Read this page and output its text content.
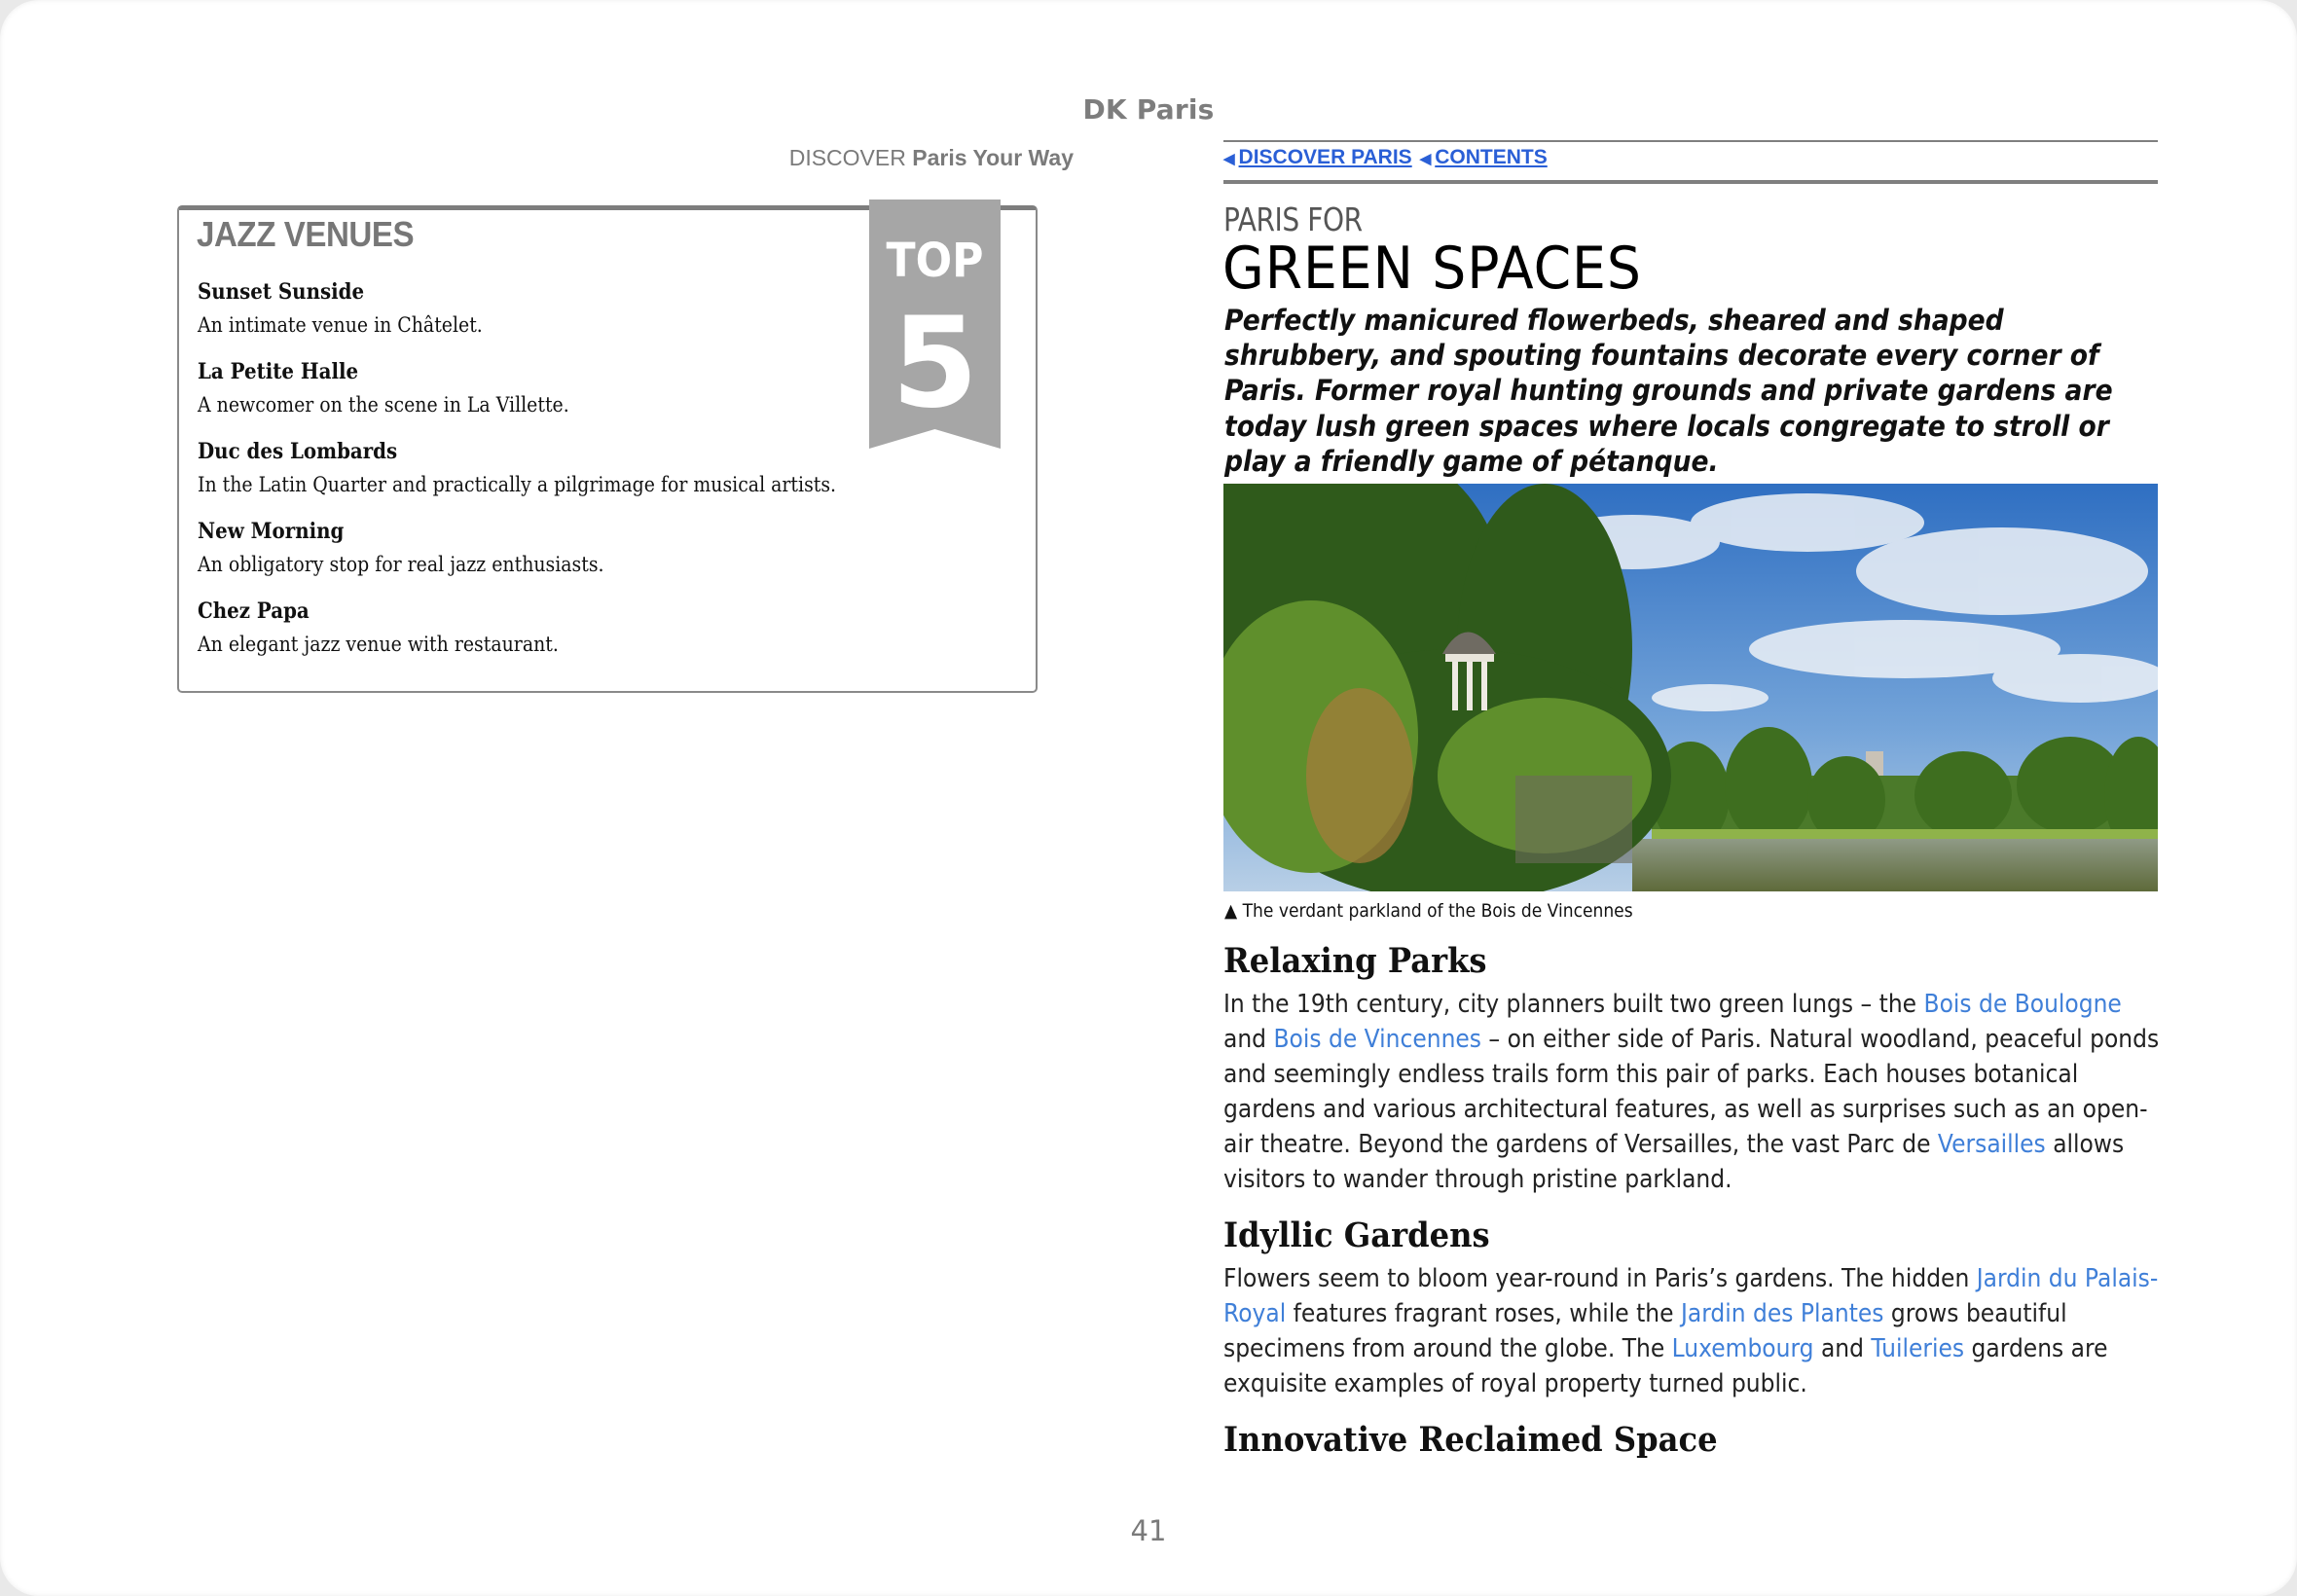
DK Paris
DISCOVER Paris Your Way	◀ DISCOVER PARIS ◀ CONTENTS
JAZZ VENUES
Sunset Sunside
An intimate venue in Châtelet.
La Petite Halle
A newcomer on the scene in La Villette.
Duc des Lombards
In the Latin Quarter and practically a pilgrimage for musical artists.
New Morning
An obligatory stop for real jazz enthusiasts.
Chez Papa
An elegant jazz venue with restaurant.
TOP
5
PARIS FOR
GREEN SPACES
Perfectly manicured flowerbeds, sheared and shaped shrubbery, and spouting fountains decorate every corner of Paris. Former royal hunting grounds and private gardens are today lush green spaces where locals congregate to stroll or play a friendly game of pétanque.
▲ The verdant parkland of the Bois de Vincennes
Relaxing Parks
In the 19th century, city planners built two green lungs – the Bois de Boulogne and Bois de Vincennes – on either side of Paris. Natural woodland, peaceful ponds and seemingly endless trails form this pair of parks. Each houses botanical gardens and various architectural features, as well as surprises such as an open-air theatre. Beyond the gardens of Versailles, the vast Parc de Versailles allows visitors to wander through pristine parkland.
Idyllic Gardens
Flowers seem to bloom year-round in Paris’s gardens. The hidden Jardin du Palais-Royal features fragrant roses, while the Jardin des Plantes grows beautiful specimens from around the globe. The Luxembourg and Tuileries gardens are exquisite examples of royal property turned public.
Innovative Reclaimed Space
41
